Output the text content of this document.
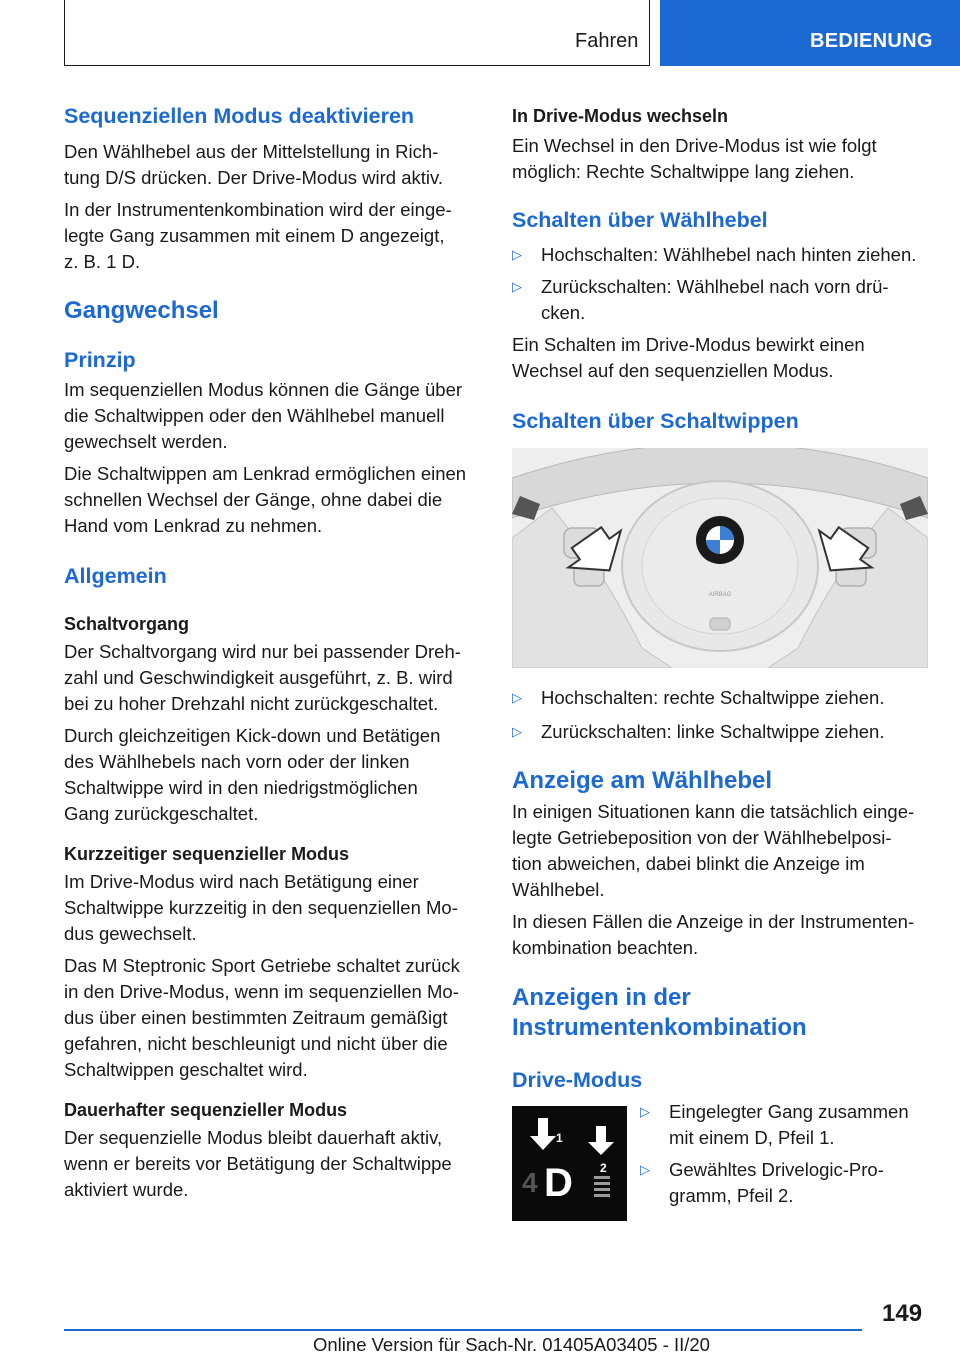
Fahren	BEDIENUNG
Sequenziellen Modus deaktivieren
Den Wählhebel aus der Mittelstellung in Rich-
tung D/S drücken. Der Drive-Modus wird aktiv.
In der Instrumentenkombination wird der einge-
legte Gang zusammen mit einem D angezeigt,
z. B. 1 D.
Gangwechsel
Prinzip
Im sequenziellen Modus können die Gänge über
die Schaltwippen oder den Wählhebel manuell
gewechselt werden.
Die Schaltwippen am Lenkrad ermöglichen einen
schnellen Wechsel der Gänge, ohne dabei die
Hand vom Lenkrad zu nehmen.
Allgemein
Schaltvorgang
Der Schaltvorgang wird nur bei passender Dreh-
zahl und Geschwindigkeit ausgeführt, z. B. wird
bei zu hoher Drehzahl nicht zurückgeschaltet.
Durch gleichzeitigen Kick-down und Betätigen
des Wählhebels nach vorn oder der linken
Schaltwippe wird in den niedrigstmöglichen
Gang zurückgeschaltet.
Kurzzeitiger sequenzieller Modus
Im Drive-Modus wird nach Betätigung einer
Schaltwippe kurzzeitig in den sequenziellen Mo-
dus gewechselt.
Das M Steptronic Sport Getriebe schaltet zurück
in den Drive-Modus, wenn im sequenziellen Mo-
dus über einen bestimmten Zeitraum gemäßigt
gefahren, nicht beschleunigt und nicht über die
Schaltwippen geschaltet wird.
Dauerhafter sequenzieller Modus
Der sequenzielle Modus bleibt dauerhaft aktiv,
wenn er bereits vor Betätigung der Schaltwippe
aktiviert wurde.
In Drive-Modus wechseln
Ein Wechsel in den Drive-Modus ist wie folgt
möglich: Rechte Schaltwippe lang ziehen.
Schalten über Wählhebel
▷ Hochschalten: Wählhebel nach hinten ziehen.
▷ Zurückschalten: Wählhebel nach vorn drü-
cken.
Ein Schalten im Drive-Modus bewirkt einen
Wechsel auf den sequenziellen Modus.
Schalten über Schaltwippen
AIRBAG
▷ Hochschalten: rechte Schaltwippe ziehen.
▷ Zurückschalten: linke Schaltwippe ziehen.
Anzeige am Wählhebel
In einigen Situationen kann die tatsächlich einge-
legte Getriebeposition von der Wählhebelposi-
tion abweichen, dabei blinkt die Anzeige im
Wählhebel.
In diesen Fällen die Anzeige in der Instrumenten-
kombination beachten.
Anzeigen in der
Instrumentenkombination
Drive-Modus
1
2
4 D
▷ Eingelegter Gang zusammen
mit einem D, Pfeil 1.
▷ Gewähltes Drivelogic-Pro-
gramm, Pfeil 2.
149
Online Version für Sach-Nr. 01405A03405 - II/20
